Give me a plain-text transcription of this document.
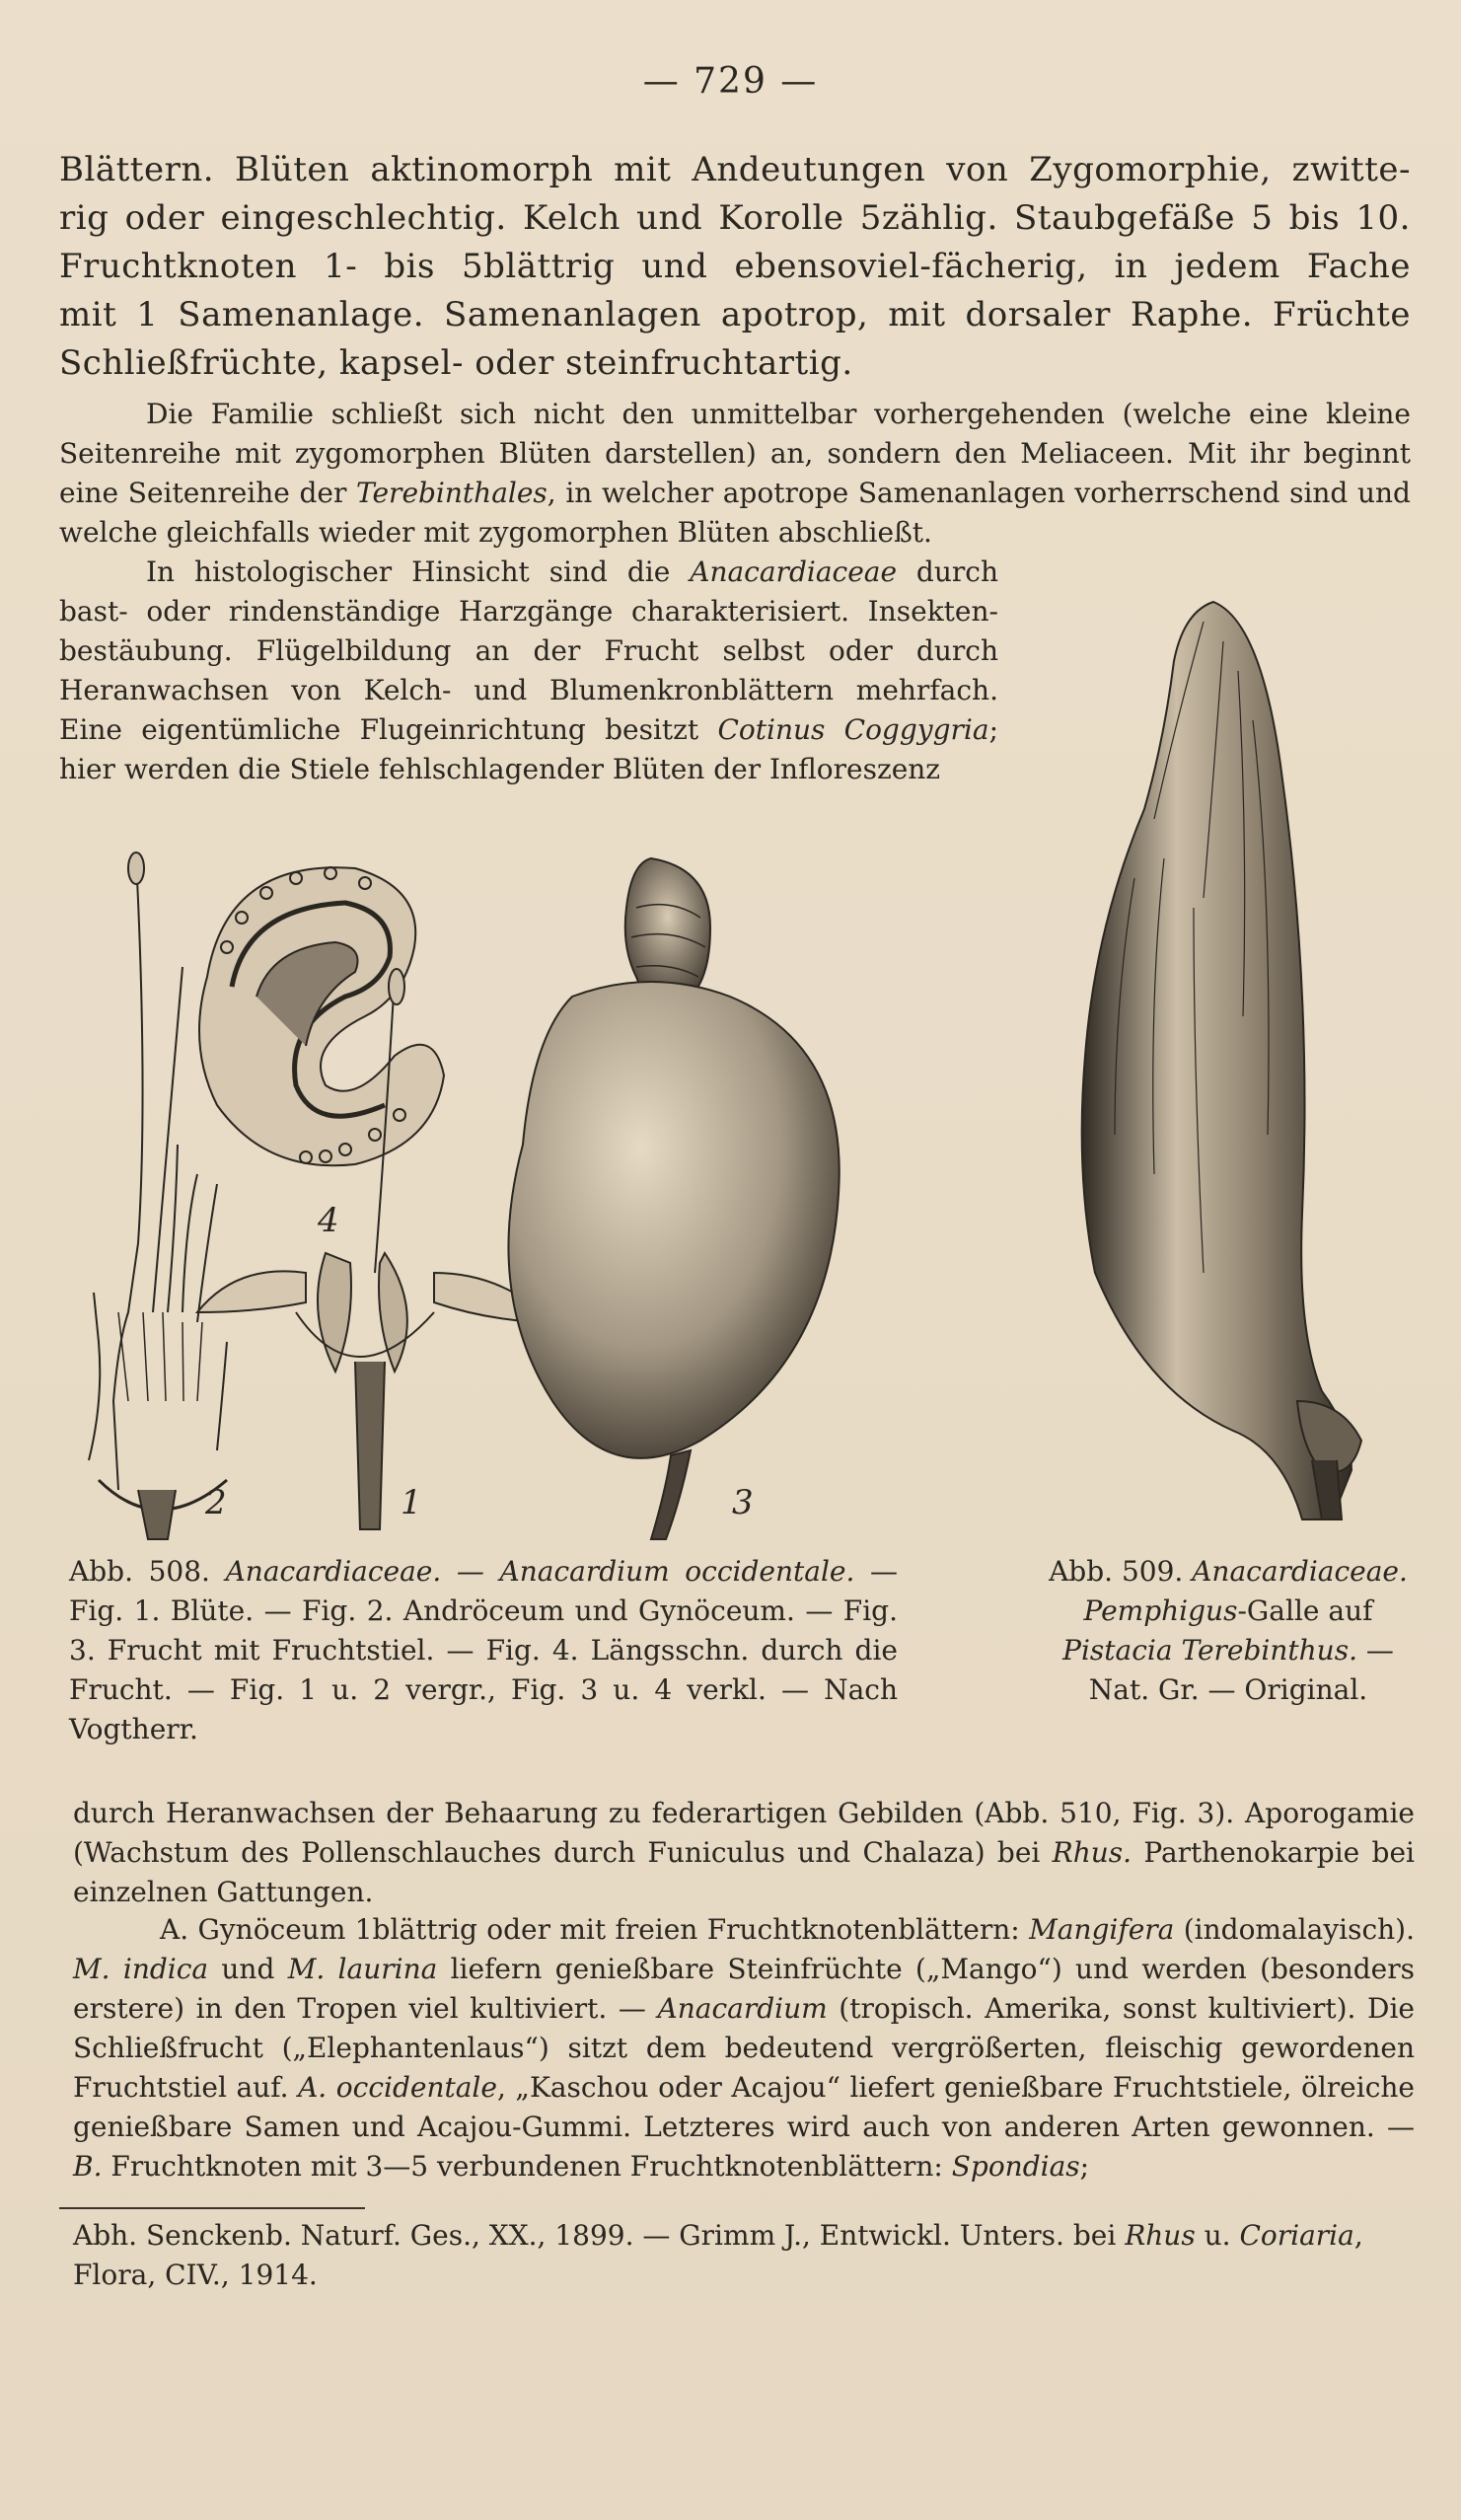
— 729 —
Blättern. Blüten aktinomorph mit Andeutungen von Zygomorphie, zwitte-
rig oder eingeschlechtig. Kelch und Korolle 5zählig. Staubgefäße 5 bis 10.
Fruchtknoten 1- bis 5blättrig und ebensoviel-fächerig, in jedem Fache
mit 1 Samenanlage. Samenanlagen apotrop, mit dorsaler Raphe. Früchte
Schließfrüchte, kapsel- oder steinfruchtartig.

Die Familie schließt sich nicht den unmittelbar vorhergehenden (welche eine kleine Seitenreihe mit zygomorphen Blüten darstellen) an, sondern den Meliaceen. Mit ihr beginnt eine Seitenreihe der Terebinthales, in welcher apotrope Samenanlagen vorherrschend sind und welche gleichfalls wieder mit zygomorphen Blüten abschließt.

In histologischer Hinsicht sind die Anacardiaceae durch bast- oder rindenständige Harzgänge charakterisiert. Insektenbestäubung. Flügelbildung an der Frucht selbst oder durch Heranwachsen von Kelch- und Blumenkronblättern mehrfach. Eine eigentümliche Flugeinrichtung besitzt Cotinus Coggygria; hier werden die Stiele fehlschlagender Blüten der Infloreszenz

2	1	3
4
Abb. 508. Anacardiaceae. — Anacardium occidentale. — Fig. 1. Blüte. — Fig. 2. Andröceum und Gynöceum. — Fig. 3. Frucht mit Fruchtstiel. — Fig. 4. Längsschn. durch die Frucht. — Fig. 1 u. 2 vergr., Fig. 3 u. 4 verkl. — Nach Vogtherr.
Abb. 509. Anacardiaceae.
Pemphigus-Galle auf
Pistacia Terebinthus. — Nat. Gr. — Original.

durch Heranwachsen der Behaarung zu federartigen Gebilden (Abb. 510, Fig. 3). Aporogamie (Wachstum des Pollenschlauches durch Funiculus und Chalaza) bei Rhus. Parthenokarpie bei einzelnen Gattungen.

A. Gynöceum 1blättrig oder mit freien Fruchtknotenblättern: Mangifera (indomalayisch). M. indica und M. laurina liefern genießbare Steinfrüchte („Mango“) und werden (besonders erstere) in den Tropen viel kultiviert. — Anacardium (tropisch. Amerika, sonst kultiviert). Die Schließfrucht („Elephantenlaus“) sitzt dem bedeutend vergrößerten, fleischig gewordenen Fruchtstiel auf. A. occidentale, „Kaschou oder Acajou“ liefert genießbare Fruchtstiele, ölreiche genießbare Samen und Acajou-Gummi. Letzteres wird auch von anderen Arten gewonnen. — B. Fruchtknoten mit 3—5 verbundenen Fruchtknotenblättern: Spondias;

Abh. Senckenb. Naturf. Ges., XX., 1899. — Grimm J., Entwickl. Unters. bei Rhus u. Coriaria, Flora, CIV., 1914.
